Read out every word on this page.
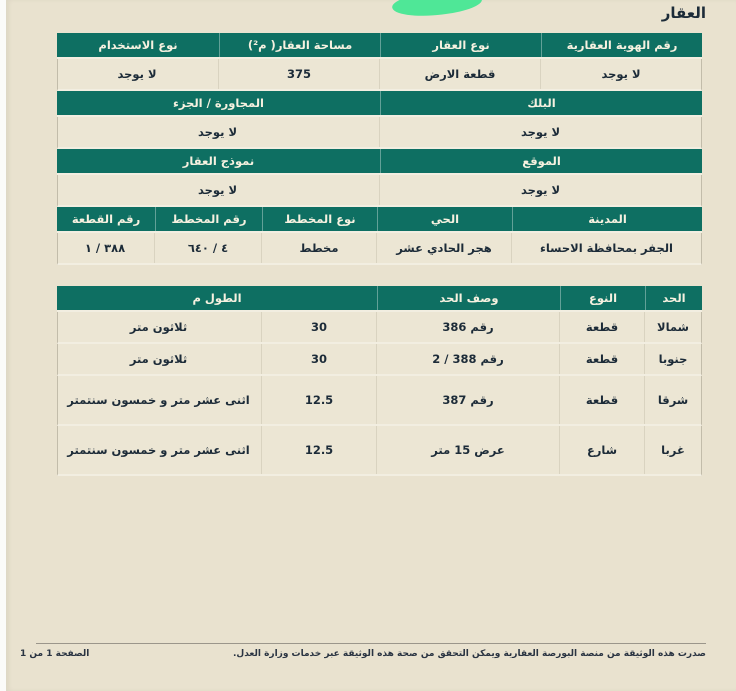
العقار
رقم الهوية العقارية
نوع العقار
مساحة العقار( م²)
نوع الاستخدام
لا يوجد
قطعة الارض
375
لا يوجد
البلك
المجاورة / الجزء
لا يوجد
لا يوجد
الموقع
نموذج العقار
لا يوجد
لا يوجد
المدينة
الحي
نوع المخطط
رقم المخطط
رقم القطعة
الجفر بمحافظة الاحساء
هجر الحادي عشر
مخطط
٤ / ٦٤٠
٣٨٨ / ١
الحد
النوع
وصف الحد
الطول م
شمالا
قطعة
رقم 386
30
ثلاثون متر
جنوبا
قطعة
رقم 388 / 2
30
ثلاثون متر
شرقا
قطعة
رقم 387
12.5
اثنى عشر متر و خمسون سنتمتر
غربا
شارع
عرض 15 متر
12.5
اثنى عشر متر و خمسون سنتمتر
صدرت هذه الوثيقة من منصة البورصة العقارية ويمكن التحقق من صحة هذه الوثيقة عبر خدمات وزارة العدل.
الصفحة 1 من 1
